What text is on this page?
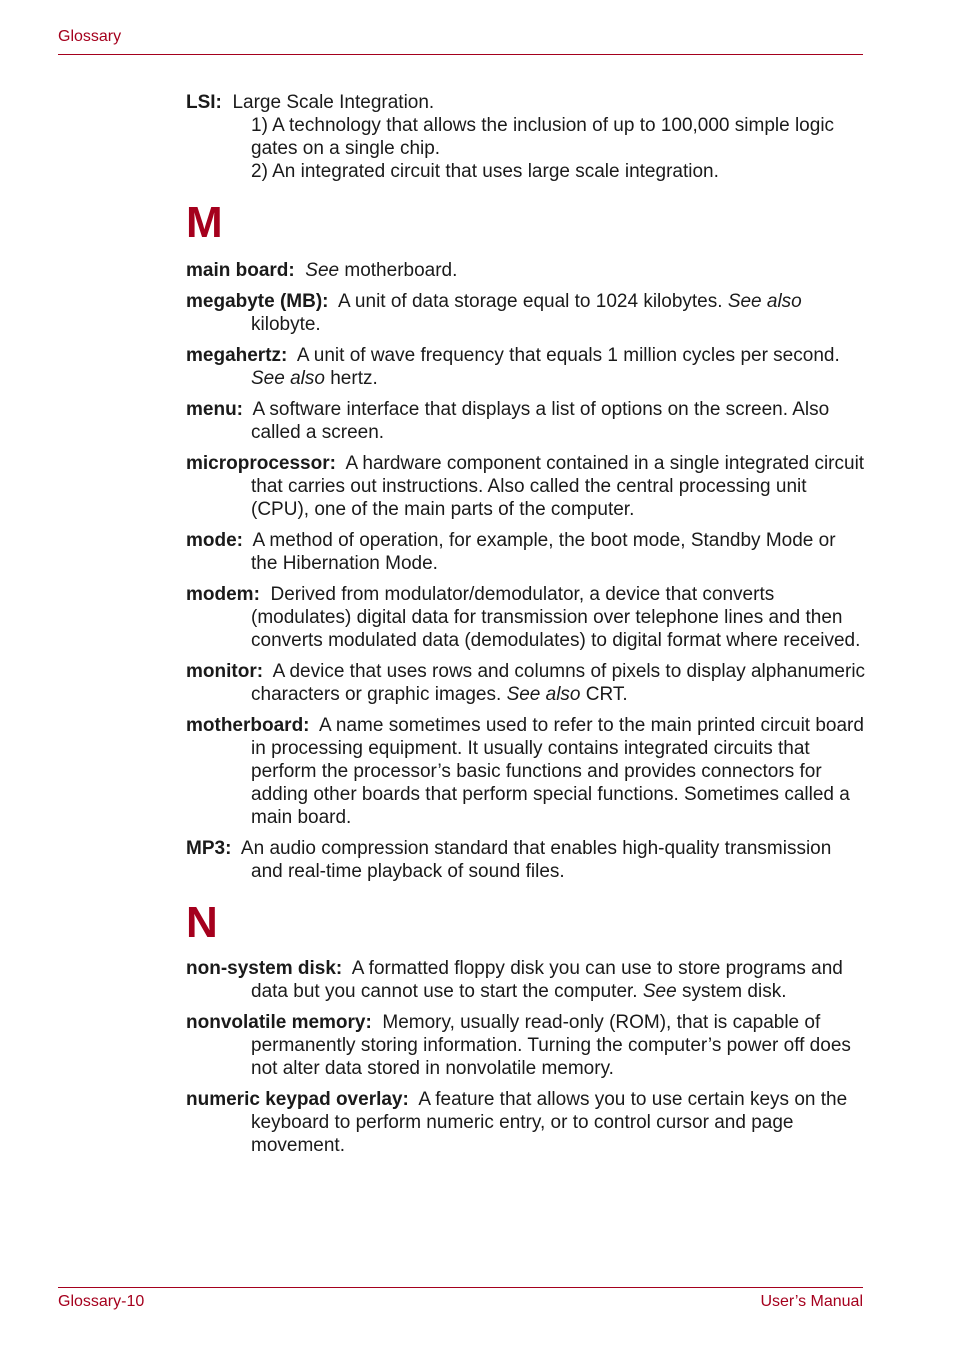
Glossary
LSI: Large Scale Integration.
1) A technology that allows the inclusion of up to 100,000 simple logic gates on a single chip.
2) An integrated circuit that uses large scale integration.
M
main board: See motherboard.
megabyte (MB): A unit of data storage equal to 1024 kilobytes. See also kilobyte.
megahertz: A unit of wave frequency that equals 1 million cycles per second. See also hertz.
menu: A software interface that displays a list of options on the screen. Also called a screen.
microprocessor: A hardware component contained in a single integrated circuit that carries out instructions. Also called the central processing unit (CPU), one of the main parts of the computer.
mode: A method of operation, for example, the boot mode, Standby Mode or the Hibernation Mode.
modem: Derived from modulator/demodulator, a device that converts (modulates) digital data for transmission over telephone lines and then converts modulated data (demodulates) to digital format where received.
monitor: A device that uses rows and columns of pixels to display alphanumeric characters or graphic images. See also CRT.
motherboard: A name sometimes used to refer to the main printed circuit board in processing equipment. It usually contains integrated circuits that perform the processor’s basic functions and provides connectors for adding other boards that perform special functions. Sometimes called a main board.
MP3: An audio compression standard that enables high-quality transmission and real-time playback of sound files.
N
non-system disk: A formatted floppy disk you can use to store programs and data but you cannot use to start the computer. See system disk.
nonvolatile memory: Memory, usually read-only (ROM), that is capable of permanently storing information. Turning the computer’s power off does not alter data stored in nonvolatile memory.
numeric keypad overlay: A feature that allows you to use certain keys on the keyboard to perform numeric entry, or to control cursor and page movement.
Glossary-10	User’s Manual
